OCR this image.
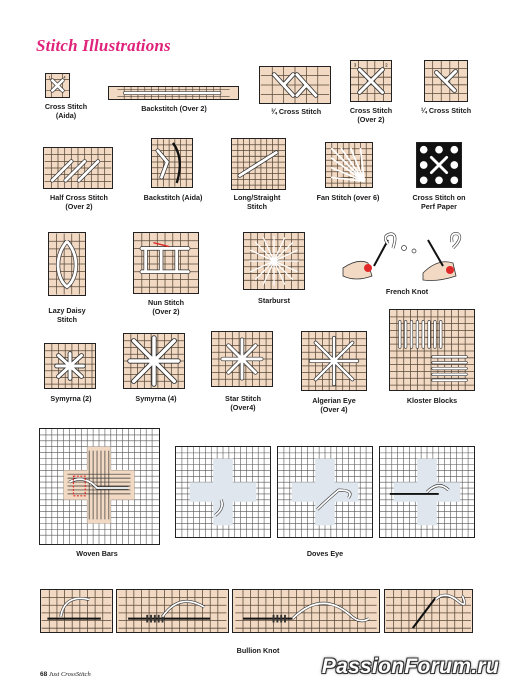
Stitch Illustrations
1	4
Cross Stitch
(Aida)
Backstitch (Over 2)	¾ Cross Stitch
3	2
Cross Stitch
(Over 2)
¼ Cross Stitch
Half Cross Stitch
(Over 2)
Backstitch (Aida)	Long/Straight
Stitch
Fan Stitch (over 6)	Cross Stitch on
Perf Paper
Lazy Daisy
Stitch
Nun Stitch
(Over 2)
Starburst
French Knot
Symyrna (2)	Symyrna (4)	Star Stitch
(Over4)
Algerian Eye
(Over 4)
Kloster Blocks
Woven Bars	Doves Eye
Bullion Knot
68 Just CrossStitch	PassionForum.ru
